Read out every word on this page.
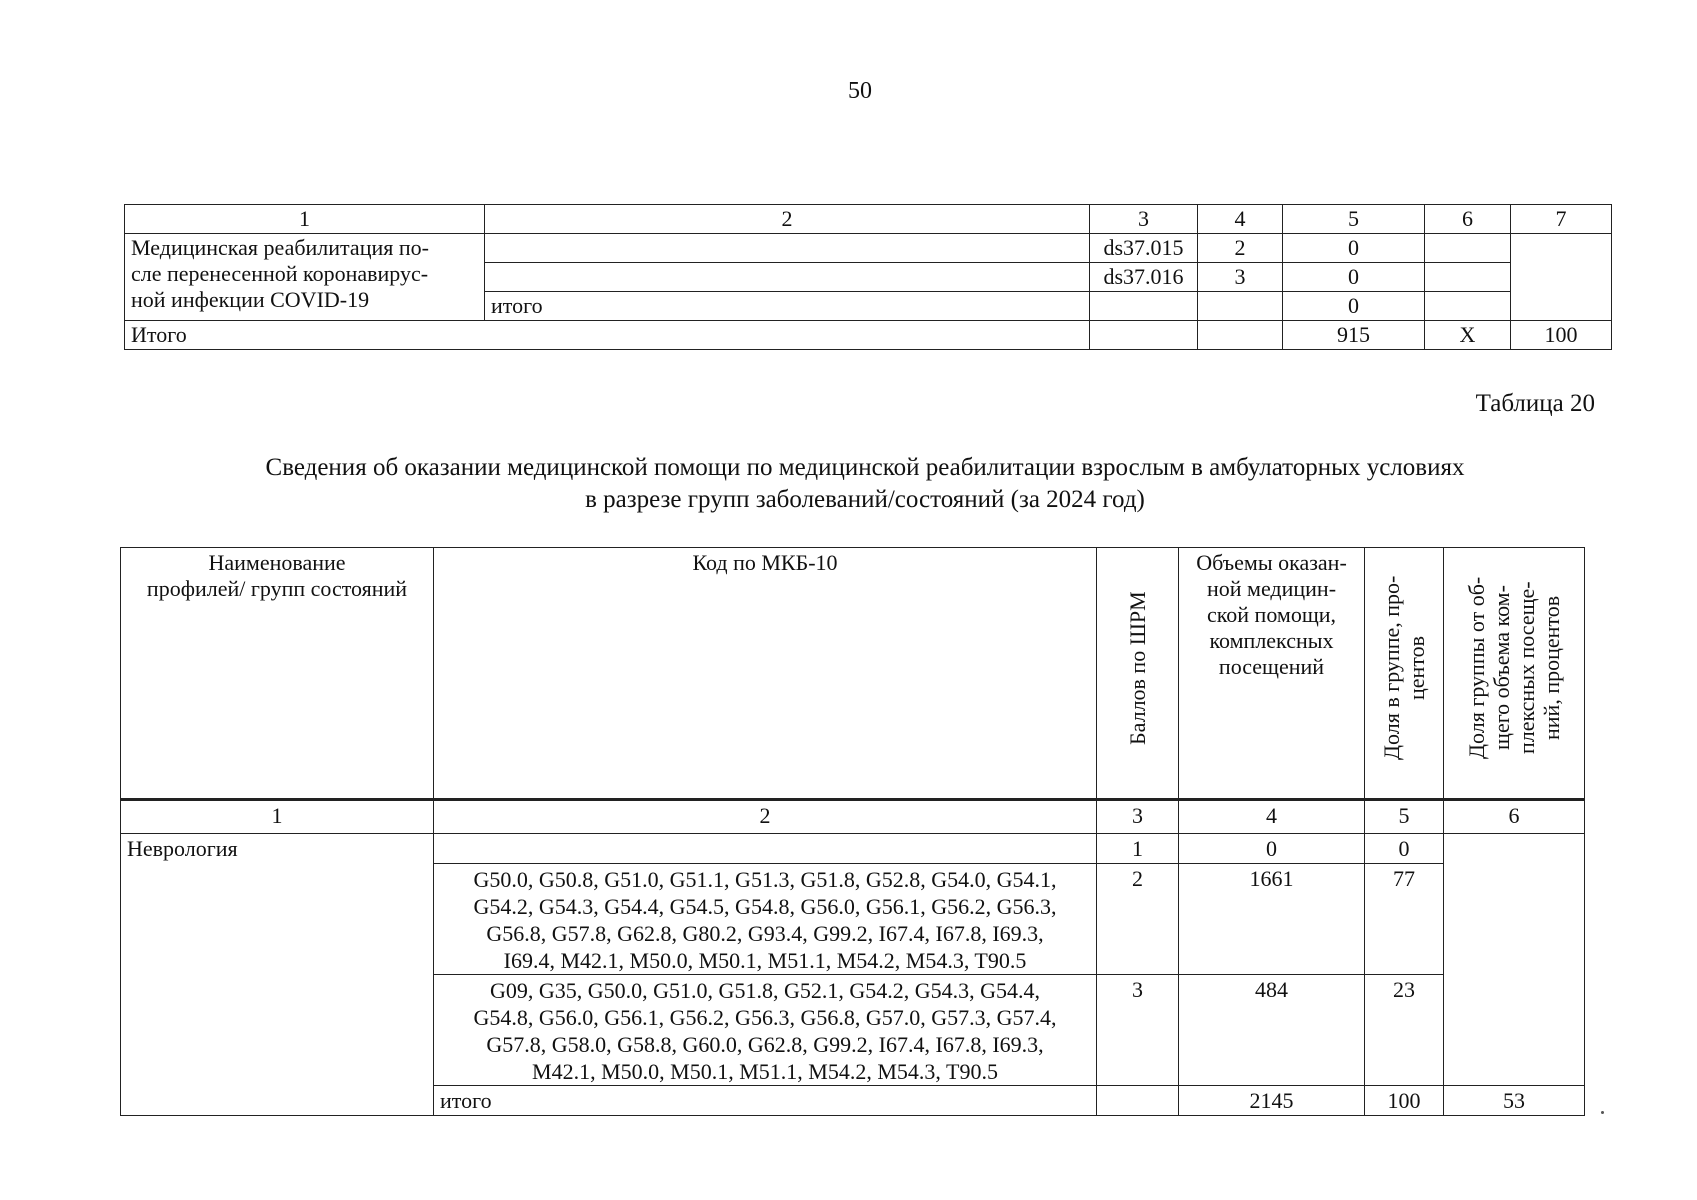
50
1	2	3	4	5	6	7
Медицинская реабилитация по-
сле перенесенной коронавирус-
ной инфекции COVID-19		ds37.015	2	0		
		ds37.016	3	0		
	итого			0		
Итого				915	X	100
Таблица 20
Сведения об оказании медицинской помощи по медицинской реабилитации взрослым в амбулаторных условиях
в разрезе групп заболеваний/состояний (за 2024 год)
Наименование
профилей/ групп состояний	Код по МКБ-10	Баллов по ШРМ	Объемы оказан-
ной медицин-
ской помощи,
комплексных
посещений	Доля в группе, про-
центов	Доля группы от об-
щего объема ком-
плексных посеще-
ний, процентов

1	2	3	4	5	6
Неврология		1	0	0	
	G50.0, G50.8, G51.0, G51.1, G51.3, G51.8, G52.8, G54.0, G54.1,
G54.2, G54.3, G54.4, G54.5, G54.8, G56.0, G56.1, G56.2, G56.3,
G56.8, G57.8, G62.8, G80.2, G93.4, G99.2, I67.4, I67.8, I69.3,
I69.4, M42.1, M50.0, M50.1, M51.1, M54.2, M54.3, T90.5	2	1661	77	
	G09, G35, G50.0, G51.0, G51.8, G52.1, G54.2, G54.3, G54.4,
G54.8, G56.0, G56.1, G56.2, G56.3, G56.8, G57.0, G57.3, G57.4,
G57.8, G58.0, G58.8, G60.0, G62.8, G99.2, I67.4, I67.8, I69.3,
M42.1, M50.0, M50.1, M51.1, M54.2, M54.3, T90.5	3	484	23	
	итого		2145	100	53
